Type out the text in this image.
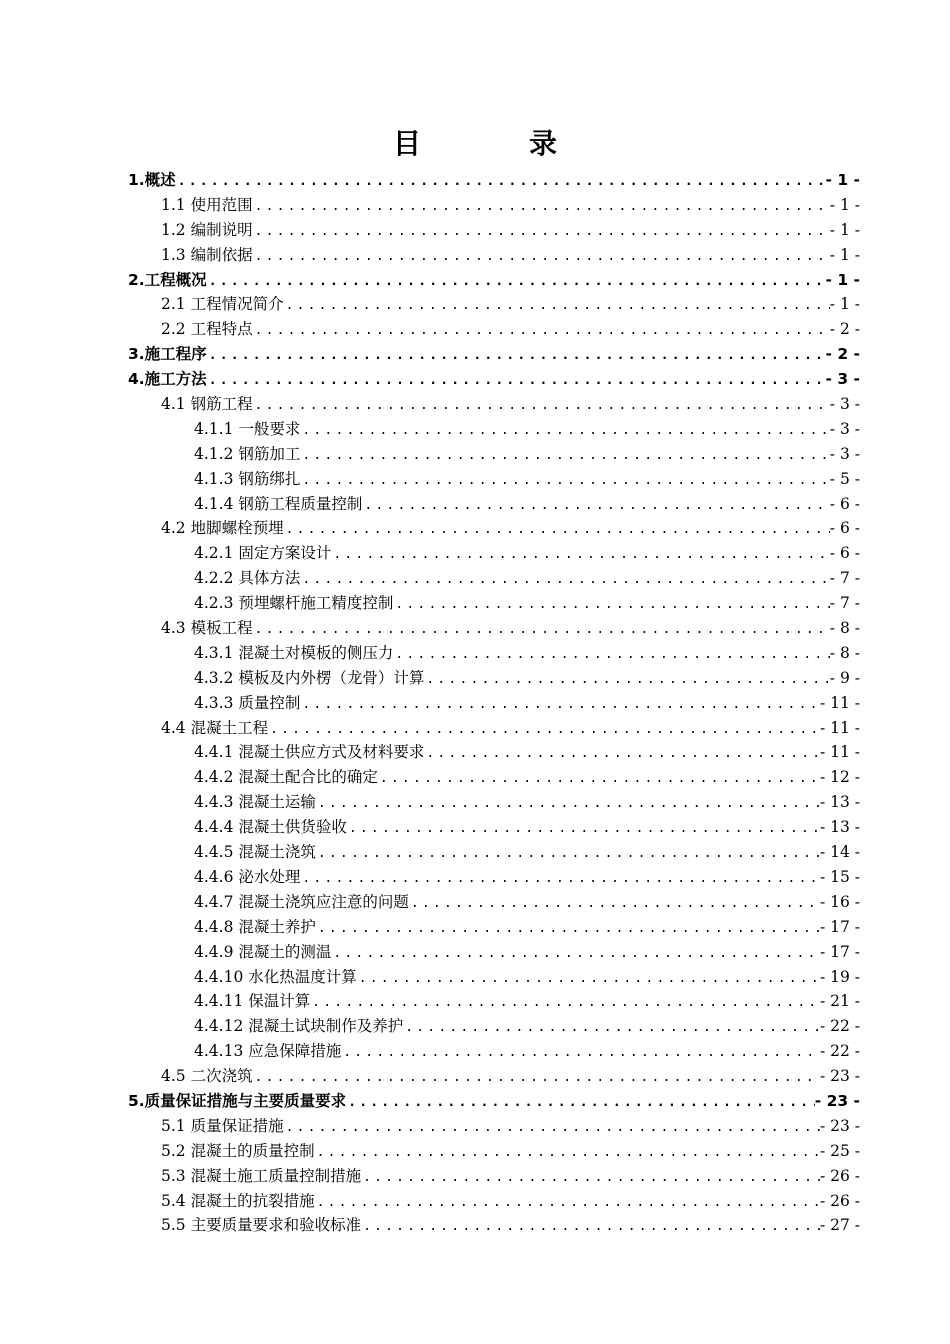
目　录
1.概述 .....	- 1 -
1.1 使用范围 .....	- 1 -
1.2 编制说明 .....	- 1 -
1.3 编制依据 .....	- 1 -
2.工程概况 .....	- 1 -
2.1 工程情况简介 .....	- 1 -
2.2 工程特点 .....	- 2 -
3.施工程序 .....	- 2 -
4.施工方法 .....	- 3 -
4.1 钢筋工程 .....	- 3 -
4.1.1 一般要求 .....	- 3 -
4.1.2 钢筋加工 .....	- 3 -
4.1.3 钢筋绑扎 .....	- 5 -
4.1.4 钢筋工程质量控制 .....	- 6 -
4.2 地脚螺栓预埋 .....	- 6 -
4.2.1 固定方案设计 .....	- 6 -
4.2.2 具体方法 .....	- 7 -
4.2.3 预埋螺杆施工精度控制 .....	- 7 -
4.3 模板工程 .....	- 8 -
4.3.1 混凝土对模板的侧压力 .....	- 8 -
4.3.2 模板及内外楞（龙骨）计算 .....	- 9 -
4.3.3 质量控制 .....	- 11 -
4.4 混凝土工程 .....	- 11 -
4.4.1 混凝土供应方式及材料要求 .....	- 11 -
4.4.2 混凝土配合比的确定 .....	- 12 -
4.4.3 混凝土运输 .....	- 13 -
4.4.4 混凝土供货验收 .....	- 13 -
4.4.5 混凝土浇筑 .....	- 14 -
4.4.6 泌水处理 .....	- 15 -
4.4.7 混凝土浇筑应注意的问题 .....	- 16 -
4.4.8 混凝土养护 .....	- 17 -
4.4.9 混凝土的测温 .....	- 17 -
4.4.10 水化热温度计算 .....	- 19 -
4.4.11 保温计算 .....	- 21 -
4.4.12 混凝土试块制作及养护 .....	- 22 -
4.4.13 应急保障措施 .....	- 22 -
4.5 二次浇筑 .....	- 23 -
5.质量保证措施与主要质量要求 .....	- 23 -
5.1 质量保证措施 .....	- 23 -
5.2 混凝土的质量控制 .....	- 25 -
5.3 混凝土施工质量控制措施 .....	- 26 -
5.4 混凝土的抗裂措施 .....	- 26 -
5.5 主要质量要求和验收标准 .....	- 27 -
